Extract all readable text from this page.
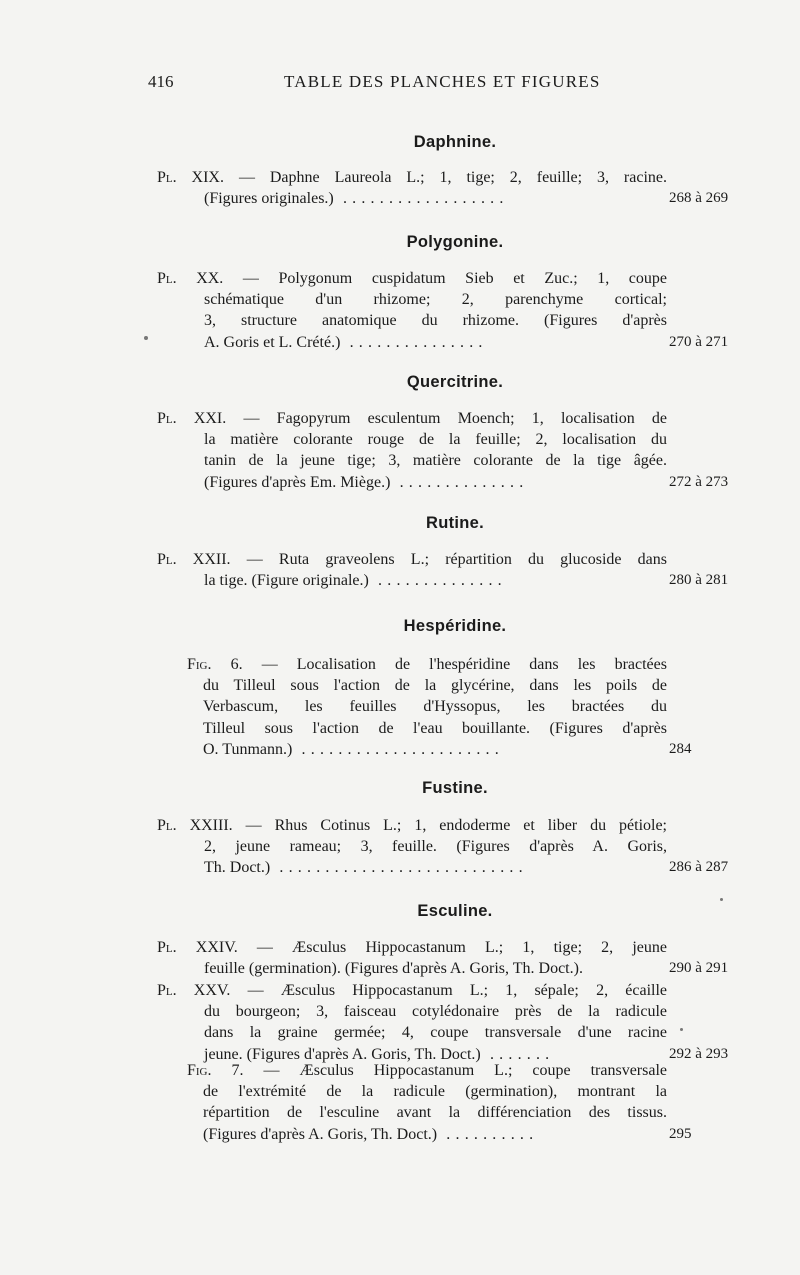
416	TABLE DES PLANCHES ET FIGURES
Daphnine.
Pl. XIX. — Daphne Laureola L.; 1, tige; 2, feuille; 3, racine.
(Figures originales.) ..................	268 à 269
Polygonine.
Pl. XX. — Polygonum cuspidatum Sieb et Zuc.; 1, coupe
schématique d'un rhizome; 2, parenchyme cortical;
3, structure anatomique du rhizome. (Figures d'après
A. Goris et L. Crété.) ...............	270 à 271
Quercitrine.
Pl. XXI. — Fagopyrum esculentum Moench; 1, localisation de
la matière colorante rouge de la feuille; 2, localisation du
tanin de la jeune tige; 3, matière colorante de la tige âgée.
(Figures d'après Em. Miège.) ..............	272 à 273
Rutine.
Pl. XXII. — Ruta graveolens L.; répartition du glucoside dans
la tige. (Figure originale.) ..............	280 à 281
Hespéridine.
Fig. 6. — Localisation de l'hespéridine dans les bractées
du Tilleul sous l'action de la glycérine, dans les poils de
Verbascum, les feuilles d'Hyssopus, les bractées du
Tilleul sous l'action de l'eau bouillante. (Figures d'après
O. Tunmann.) ......................	284
Fustine.
Pl. XXIII. — Rhus Cotinus L.; 1, endoderme et liber du pétiole;
2, jeune rameau; 3, feuille. (Figures d'après A. Goris,
Th. Doct.) ...........................	286 à 287
Esculine.
Pl. XXIV. — Æsculus Hippocastanum L.; 1, tige; 2, jeune
feuille (germination). (Figures d'après A. Goris, Th. Doct.).	290 à 291
Pl. XXV. — Æsculus Hippocastanum L.; 1, sépale; 2, écaille
du bourgeon; 3, faisceau cotylédonaire près de la radicule
dans la graine germée; 4, coupe transversale d'une racine
jeune. (Figures d'après A. Goris, Th. Doct.) .......	292 à 293
Fig. 7. — Æsculus Hippocastanum L.; coupe transversale
de l'extrémité de la radicule (germination), montrant la
répartition de l'esculine avant la différenciation des tissus.
(Figures d'après A. Goris, Th. Doct.) ..........	295
